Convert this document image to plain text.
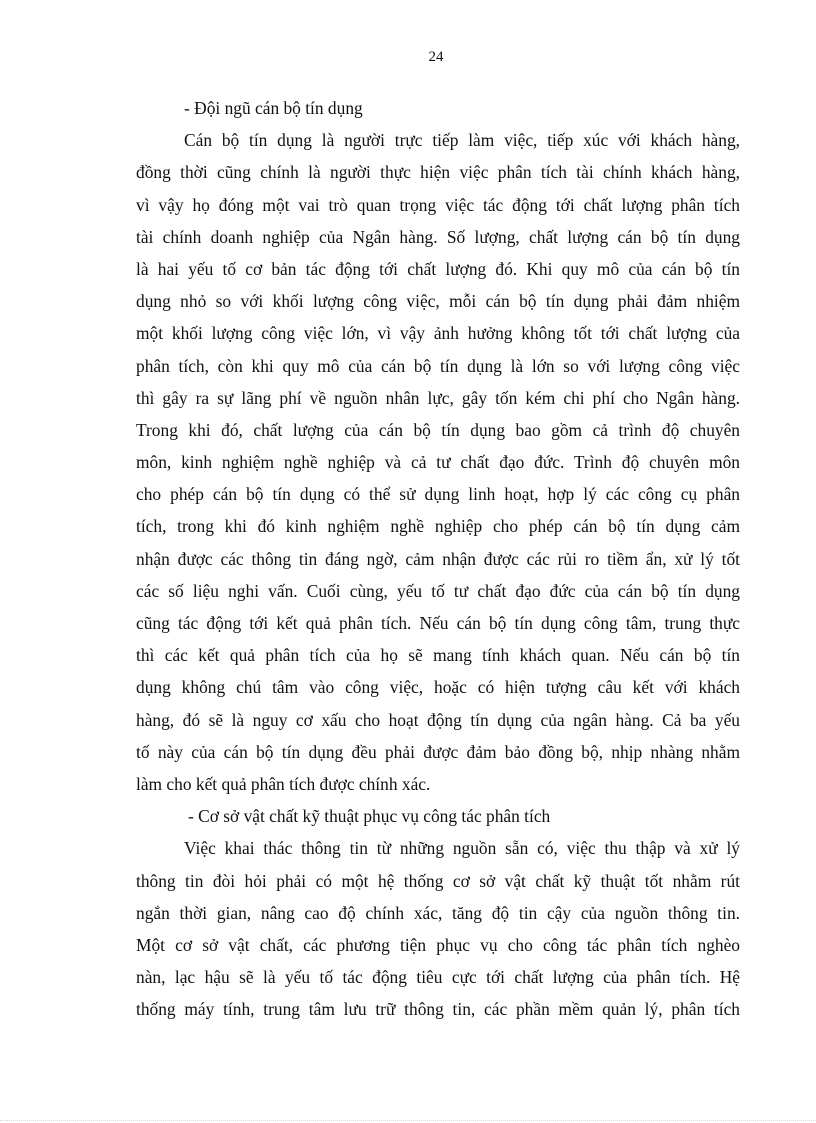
24
- Đội ngũ cán bộ tín dụng
Cán bộ tín dụng là người trực tiếp làm việc, tiếp xúc với khách hàng,
đồng thời cũng chính là người thực hiện việc phân tích tài chính khách hàng,
vì vậy họ đóng một vai trò quan trọng việc tác động tới chất lượng phân tích
tài chính doanh nghiệp của Ngân hàng. Số lượng, chất lượng cán bộ tín dụng
là hai yếu tố cơ bản tác động tới chất lượng đó. Khi quy mô của cán bộ tín
dụng nhỏ so với khối lượng công việc, mỗi cán bộ tín dụng phải đảm nhiệm
một khối lượng công việc lớn, vì vậy ảnh hưởng không tốt tới chất lượng của
phân tích, còn khi quy mô của cán bộ tín dụng là lớn so với lượng công việc
thì gây ra sự lãng phí về nguồn nhân lực, gây tốn kém chi phí cho Ngân hàng.
Trong khi đó, chất lượng của cán bộ tín dụng bao gồm cả trình độ chuyên
môn, kinh nghiệm nghề nghiệp và cả tư chất đạo đức. Trình độ chuyên môn
cho phép cán bộ tín dụng có thể sử dụng linh hoạt, hợp lý các công cụ phân
tích, trong khi đó kinh nghiệm nghề nghiệp cho phép cán bộ tín dụng cảm
nhận được các thông tin đáng ngờ, cảm nhận được các rủi ro tiềm ẩn, xử lý tốt
các số liệu nghi vấn. Cuối cùng, yếu tố tư chất đạo đức của cán bộ tín dụng
cũng tác động tới kết quả phân tích. Nếu cán bộ tín dụng công tâm, trung thực
thì các kết quả phân tích của họ sẽ mang tính khách quan. Nếu cán bộ tín
dụng không chú tâm vào công việc, hoặc có hiện tượng câu kết với khách
hàng, đó sẽ là nguy cơ xấu cho hoạt động tín dụng của ngân hàng. Cả ba yếu
tố này của cán bộ tín dụng đều phải được đảm bảo đồng bộ, nhịp nhàng nhằm
làm cho kết quả phân tích được chính xác.
- Cơ sở vật chất kỹ thuật phục vụ công tác phân tích
Việc khai thác thông tin từ những nguồn sẵn có, việc thu thập và xử lý
thông tin đòi hỏi phải có một hệ thống cơ sở vật chất kỹ thuật tốt nhằm rút
ngắn thời gian, nâng cao độ chính xác, tăng độ tin cậy của nguồn thông tin.
Một cơ sở vật chất, các phương tiện phục vụ cho công tác phân tích nghèo
nàn, lạc hậu sẽ là yếu tố tác động tiêu cực tới chất lượng của phân tích. Hệ
thống máy tính, trung tâm lưu trữ thông tin, các phần mềm quản lý, phân tích
